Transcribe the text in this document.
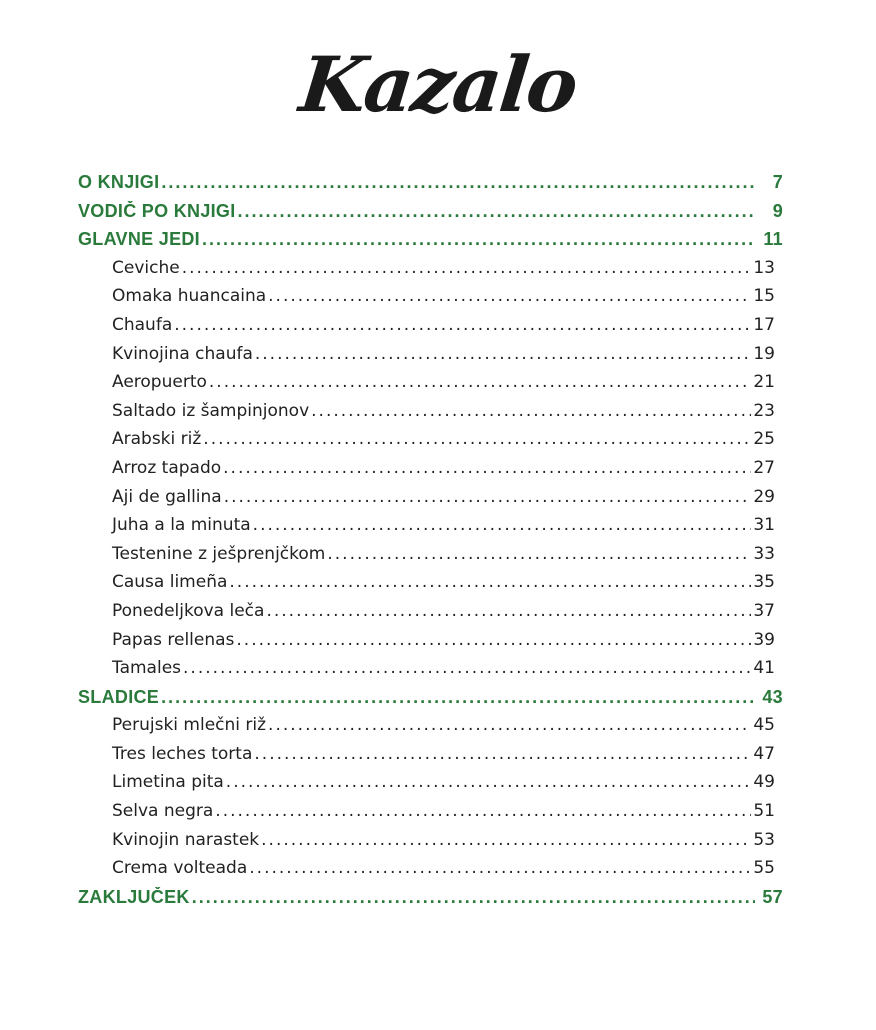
Kazalo
O KNJIGI .....	7
VODIČ PO KNJIGI .....	9
GLAVNE JEDI .....	11
Ceviche .....	13
Omaka huancaina .....	15
Chaufa .....	17
Kvinojina chaufa .....	19
Aeropuerto .....	21
Saltado iz šampinjonov .....	23
Arabski riž .....	25
Arroz tapado .....	27
Aji de gallina .....	29
Juha a la minuta .....	31
Testenine z ješprenjčkom .....	33
Causa limeña .....	35
Ponedeljkova leča .....	37
Papas rellenas .....	39
Tamales .....	41
SLADICE .....	43
Perujski mlečni riž .....	45
Tres leches torta .....	47
Limetina pita .....	49
Selva negra .....	51
Kvinojin narastek .....	53
Crema volteada .....	55
ZAKLJUČEK .....	57
